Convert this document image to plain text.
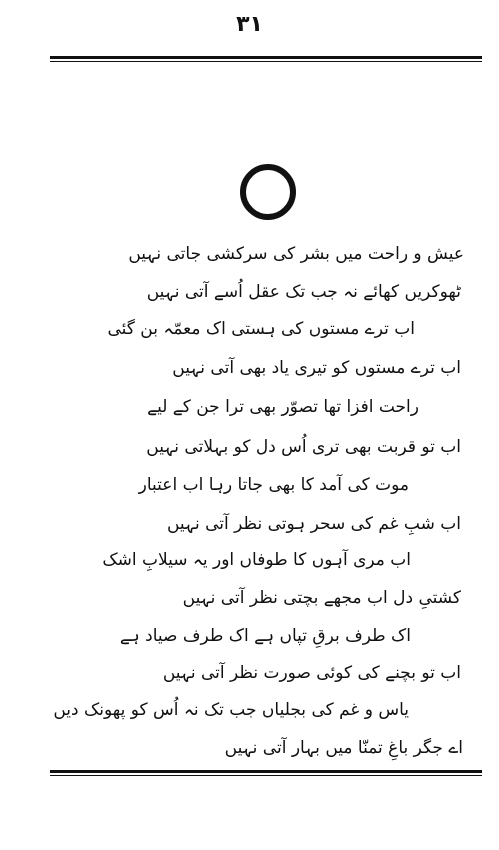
۳۱
عیش و راحت میں بشر کی سرکشی جاتی نہیں
ٹھوکریں کھائے نہ جب تک عقل اُسے آتی نہیں
اب ترے مستوں کی ہستی اک معمّہ بن گئی
اب ترے مستوں کو تیری یاد بھی آتی نہیں
راحت افزا تھا تصوّر بھی ترا جن کے لیے
اب تو قربت بھی تری اُس دل کو بہلاتی نہیں
موت کی آمد کا بھی جاتا رہا اب اعتبار
اب شبِ غم کی سحر ہوتی نظر آتی نہیں
اب مری آہوں کا طوفاں اور یہ سیلابِ اشک
کشتیِ دل اب مجھے بچتی نظر آتی نہیں
اک طرف برقِ تپاں ہے اک طرف صیاد ہے
اب تو بچنے کی کوئی صورت نظر آتی نہیں
یاس و غم کی بجلیاں جب تک نہ اُس کو پھونک دیں
اے جگر باغِ تمنّا میں بہار آتی نہیں
